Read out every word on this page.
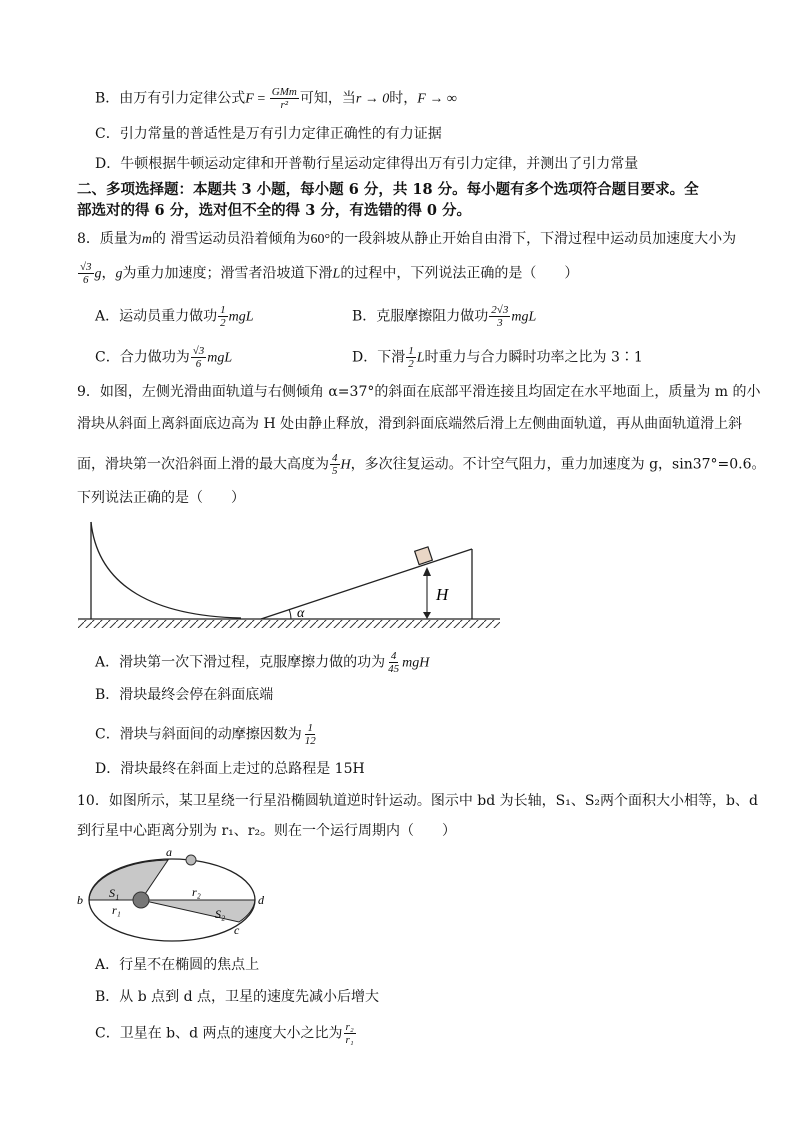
B．由万有引力定律公式$F = \frac{\text{GMm}}{\text{r²}}$ 可知，当r → 0时，F → ∞
C．引力常量的普适性是万有引力定律正确性的有力证据
D．牛顿根据牛顿运动定律和开普勒行星运动定律得出万有引力定律，并测出了引力常量
二、多项选择题：本题共 3 小题，每小题 6 分，共 18 分。每小题有多个选项符合题目要求。全
部选对的得 6 分，选对但不全的得 3 分，有选错的得 0 分。
8．质量为m的 滑雪运动员沿着倾角为60°的一段斜坡从静止开始自由滑下，下滑过程中运动员加速度大小为
$\frac{√3}{6}$ g，g为重力加速度；滑雪者沿坡道下滑L的过程中，下列说法正确的是（　　）
A．运动员重力做功 $\frac{1}{2}$ mgL	B．克服摩擦阻力做功 $\frac{2√3}{3}$ mgL
C．合力做功为 $\frac{√3}{6}$ mgL	D．下滑 $\frac{1}{2}$ L时重力与合力瞬时功率之比为 3∶1
9．如图，左侧光滑曲面轨道与右侧倾角 α=37°的斜面在底部平滑连接且均固定在水平地面上，质量为 m 的小
滑块从斜面上离斜面底边高为 H 处由静止释放，滑到斜面底端然后滑上左侧曲面轨道，再从曲面轨道滑上斜
面，滑块第一次沿斜面上滑的最大高度为 $\frac{4}{5}$ H，多次往复运动。不计空气阻力，重力加速度为 g，sin37°=0.6。
下列说法正确的是（　　）
H
α
A．滑块第一次下滑过程，克服摩擦力做的功为 $\frac{4}{45}$ mgH
B．滑块最终会停在斜面底端
C．滑块与斜面间的动摩擦因数为 $\frac{1}{12}$
D．滑块最终在斜面上走过的总路程是 15H
10．如图所示，某卫星绕一行星沿椭圆轨道逆时针运动。图示中 bd 为长轴，S₁、S₂两个面积大小相等，b、d
到行星中心距离分别为 r₁、r₂。则在一个运行周期内（　　）
a
b
c
d
S₁
S₂
r₁
r₂
A．行星不在椭圆的焦点上
B．从 b 点到 d 点，卫星的速度先减小后增大
C．卫星在 b、d 两点的速度大小之比为 $\frac{\text{r₂}}{\text{r₁}}$
